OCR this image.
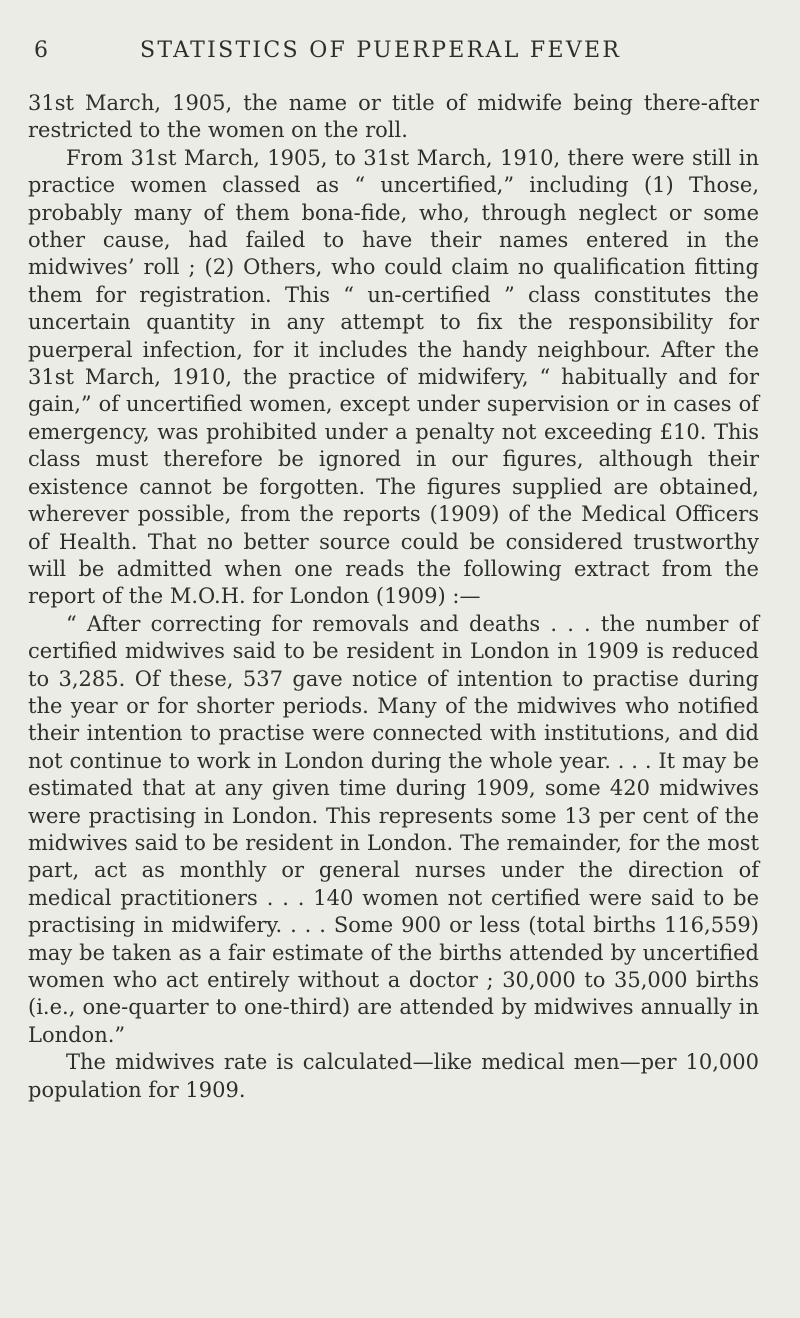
6	STATISTICS OF PUERPERAL FEVER

31st March, 1905, the name or title of midwife being there-after restricted to the women on the roll.

From 31st March, 1905, to 31st March, 1910, there were still in practice women classed as “ uncertified,” including (1) Those, probably many of them bona-fide, who, through neglect or some other cause, had failed to have their names entered in the midwives’ roll ; (2) Others, who could claim no qualification fitting them for registration. This “ un-certified ” class constitutes the uncertain quantity in any attempt to fix the responsibility for puerperal infection, for it includes the handy neighbour. After the 31st March, 1910, the practice of midwifery, “ habitually and for gain,” of uncertified women, except under supervision or in cases of emergency, was prohibited under a penalty not exceeding £10. This class must therefore be ignored in our figures, although their existence cannot be forgotten. The figures supplied are obtained, wherever possible, from the reports (1909) of the Medical Officers of Health. That no better source could be considered trustworthy will be admitted when one reads the following extract from the report of the M.O.H. for London (1909) :—

“ After correcting for removals and deaths . . . the number of certified midwives said to be resident in London in 1909 is reduced to 3,285. Of these, 537 gave notice of intention to practise during the year or for shorter periods. Many of the midwives who notified their intention to practise were connected with institutions, and did not continue to work in London during the whole year. . . . It may be estimated that at any given time during 1909, some 420 midwives were practising in London. This represents some 13 per cent of the midwives said to be resident in London. The remainder, for the most part, act as monthly or general nurses under the direction of medical practitioners . . . 140 women not certified were said to be practising in midwifery. . . . Some 900 or less (total births 116,559) may be taken as a fair estimate of the births attended by uncertified women who act entirely without a doctor ; 30,000 to 35,000 births (i.e., one-quarter to one-third) are attended by midwives annually in London.”

The midwives rate is calculated—like medical men—per 10,000 population for 1909.
